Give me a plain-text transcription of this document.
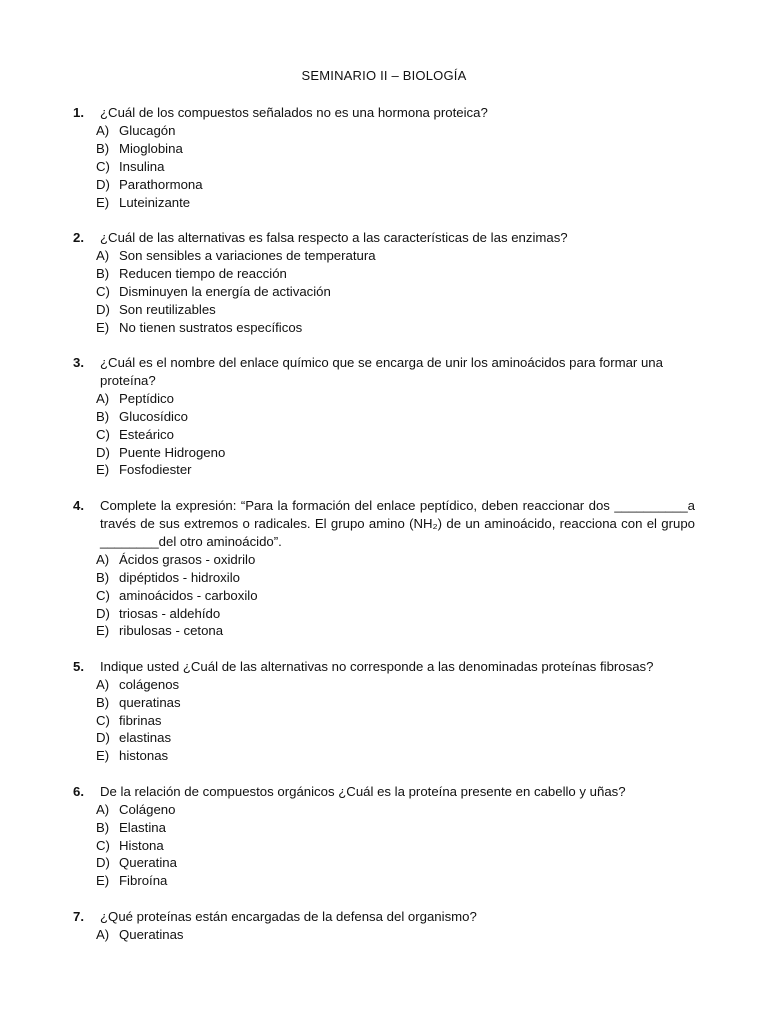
SEMINARIO II – BIOLOGÍA
1. ¿Cuál de los compuestos señalados no es una hormona proteica?
A) Glucagón
B) Mioglobina
C) Insulina
D) Parathormona
E) Luteinizante
2. ¿Cuál de las alternativas es falsa respecto a las características de las enzimas?
A) Son sensibles a variaciones de temperatura
B) Reducen tiempo de reacción
C) Disminuyen la energía de activación
D) Son reutilizables
E) No tienen sustratos específicos
3. ¿Cuál es el nombre del enlace químico que se encarga de unir los aminoácidos para formar una proteína?
A) Peptídico
B) Glucosídico
C) Esteárico
D) Puente Hidrogeno
E) Fosfodiester
4. Complete la expresión: “Para la formación del enlace peptídico, deben reaccionar dos __________a través de sus extremos o radicales. El grupo amino (NH₂) de un aminoácido, reacciona con el grupo ________del otro aminoácido”.
A) Ácidos grasos - oxidrilo
B) dipéptidos - hidroxilo
C) aminoácidos - carboxilo
D) triosas - aldehído
E) ribulosas - cetona
5. Indique usted ¿Cuál de las alternativas no corresponde a las denominadas proteínas fibrosas?
A) colágenos
B) queratinas
C) fibrinas
D) elastinas
E) histonas
6. De la relación de compuestos orgánicos ¿Cuál es la proteína presente en cabello y uñas?
A) Colágeno
B) Elastina
C) Histona
D) Queratina
E) Fibroína
7. ¿Qué proteínas están encargadas de la defensa del organismo?
A) Queratinas
